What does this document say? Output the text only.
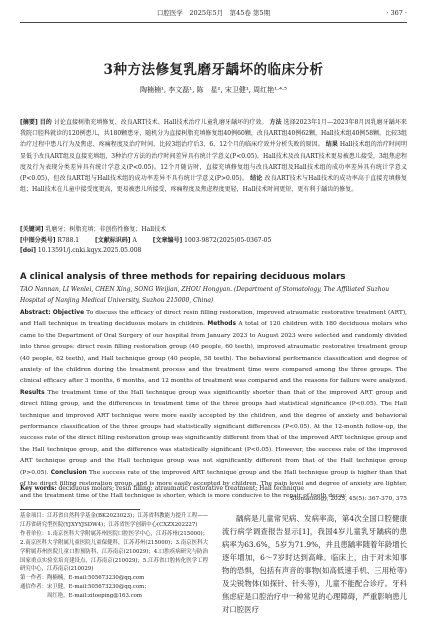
口腔医学　2025年5月　第45卷 第5期	· 367 ·
3种方法修复乳磨牙龋坏的临床分析
陶楠楠¹, 李文磊¹, 陈　星², 宋卫健¹, 周红艳¹·⁴·⁵
[摘要] 目的 讨论直接树脂充填修复、改良ART技术、Hall技术治疗儿童乳磨牙龋坏的疗效。 方法 选择2023年1月—2023年8月因乳磨牙龋坏来我院口腔科就诊的120例患儿，共180颗患牙，随机分为直接树脂充填修复组40例60颗，改良ART组40例62颗，Hall技术组40例58颗。比较3组治疗过程中患儿行为及焦虑、疼痛程度及治疗时间，比较3组治疗后3、6、12个月的临床疗效并分析失败的原因。 结果 Hall技术组的治疗时间明显低于改良ART组及直接充填组，3种治疗方法的治疗时间差异具有统计学意义(P<0.05)。Hall技术及改良ART技术更易被患儿接受，3组焦虑程度及行为表现分类差异具有统计学意义(P<0.05)。12个月随访时，直接充填修复组与改良ART组及Hall技术组的成功率差异具有统计学意义(P<0.05)，但改良ART组与Hall技术组的成功率差异不具有统计学意义(P>0.05)。 结论 改良ART技术与Hall技术的成功率高于直接充填修复组；Hall技术在儿童中接受度更高，更易被患儿所接受，疼痛程度及焦虑程度更轻，Hall技术时间更短，更有利于龋齿的修复。
[关键词] 乳磨牙；树脂充填；非创伤性修复；Hall技术
[中图分类号] R788.1	[文献标识码] A	[文章编号] 1003-9872(2025)05-0367-05
[doi] 10.13591/j.cnki.kqyx.2025.05.008
A clinical analysis of three methods for repairing deciduous molars
TAO Nannan, LI Wenlei, CHEN Xing, SONG Weijian, ZHOU Hongyan. (Department of Stomatology, The Affiliated Suzhou Hospital of Nanjing Medical University, Suzhou 215000, China)
Abstract: Objective To discuss the efficacy of direct resin filling restoration, improved atraumatic restorative treatment (ART), and Hall technique in treating deciduous molars in children. Methods A total of 120 children with 180 deciduous molars who came to the Department of Oral Surgery of our hospital from January 2023 to August 2023 were selected and randomly divided into three groups: direct resin filling restoration group (40 people, 60 teeth), improved atraumatic restorative treatment group (40 people, 62 teeth), and Hall technique group (40 people, 58 teeth). The behavioral performance classification and degree of anxiety of the children during the treatment process and the treatment time were compared among the three groups. The clinical efficacy after 3 months, 6 months, and 12 months of treatment was compared and the reasons for failure were analyzed. Results The treatment time of the Hall technique group was significantly shorter than that of the improved ART group and direct filling group, and the differences in treatment time of the three groups had statistical significance (P<0.05). The Hall technique and improved ART technique were more easily accepted by the children, and the degree of anxiety and behavioral performance classification of the three groups had statistically significant differences (P<0.05). At the 12-month follow-up, the success rate of the direct filling restoration group was significantly different from that of the improved ART technique group and the Hall technique group, and the difference was statistically significant (P<0.05). However, the success rate of the improved ART technique group and the Hall technique group was not significantly different from that of the Hall technique group (P>0.05). Conclusion The success rate of the improved ART technique group and the Hall technique group is higher than that of the direct filling restoration group, and is more easily accepted by children. The pain level and degree of anxiety are lighter, and the treatment time of the Hall technique is shorter, which is more conducive to the repair of tooth decay.
Key words: deciduous molars; resin filling; atraumatic restorative treatment; Hall technique
Stomatology, 2025, 45(5): 367-370, 375
基金项目：江苏省自然科学基金(BK2023023)；江苏省科教能力提升工程——江苏省研究型医院(YJXYYJSDW4)；江苏省医学创新中心(CXZX202227)
作者单位：1.南京医科大学附属苏州医院口腔医学中心，江苏苏州(215000)；2.南京医科大学附属儿童医院儿童保健科，江苏苏州(215000)；3.南京医科大学附属苏州医院儿童口腔预防科，江苏南京(210029)；4.口腔疾病研究与防治国家重点实验室培育建设点，江苏南京(210029)；5.江苏省口腔转化医学工程研究中心，江苏南京(210029)
第一作者：陶楠楠，E-mail:505673230@qq.com
通信作者：宋卫健，E-mail:505673230@qq.com；
　　　　　周红艳，E-mail:zitoeping@163.com
龋病是儿童常见病、发病率高，第4次全国口腔健康流行病学调查报告显示[1]，我国4岁儿童乳牙龋病的患病率为63.6%，5岁为71.9%，并且患龋率随着年龄增长逐年增加，6～7岁时达到高峰。临床上，由于对未知事物的恐惧，包括有声音的事物(如高低速手机、三用枪等)及尖锐物体(如探针、针头等)，儿童不能配合诊疗。牙科焦虑症是口腔治疗中一种常见的心理障碍，严重影响患儿对口腔医疗
